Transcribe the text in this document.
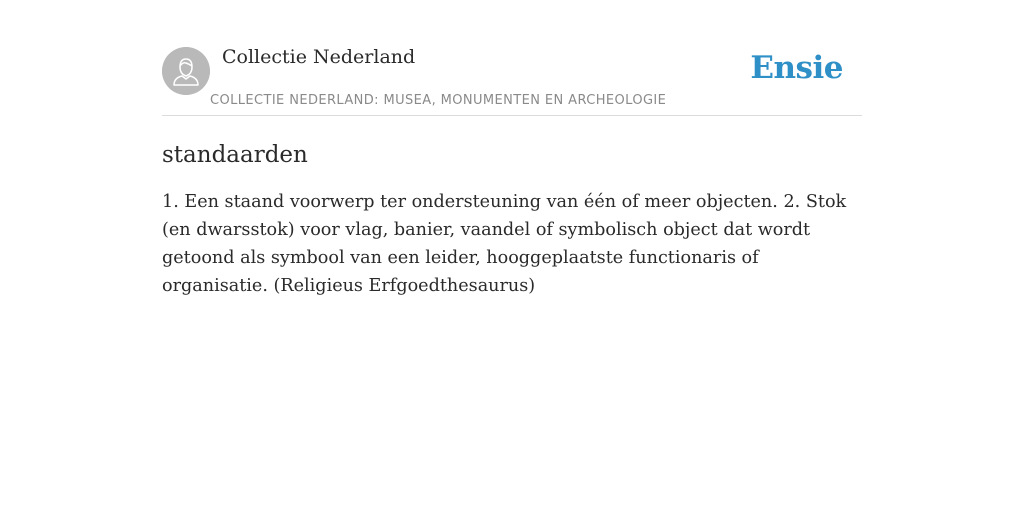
Collectie Nederland
COLLECTIE NEDERLAND: MUSEA, MONUMENTEN EN ARCHEOLOGIE
Ensie
standaarden
1. Een staand voorwerp ter ondersteuning van één of meer objecten. 2. Stok (en dwarsstok) voor vlag, banier, vaandel of symbolisch object dat wordt getoond als symbool van een leider, hooggeplaatste functionaris of organisatie. (Religieus Erfgoedthesaurus)
